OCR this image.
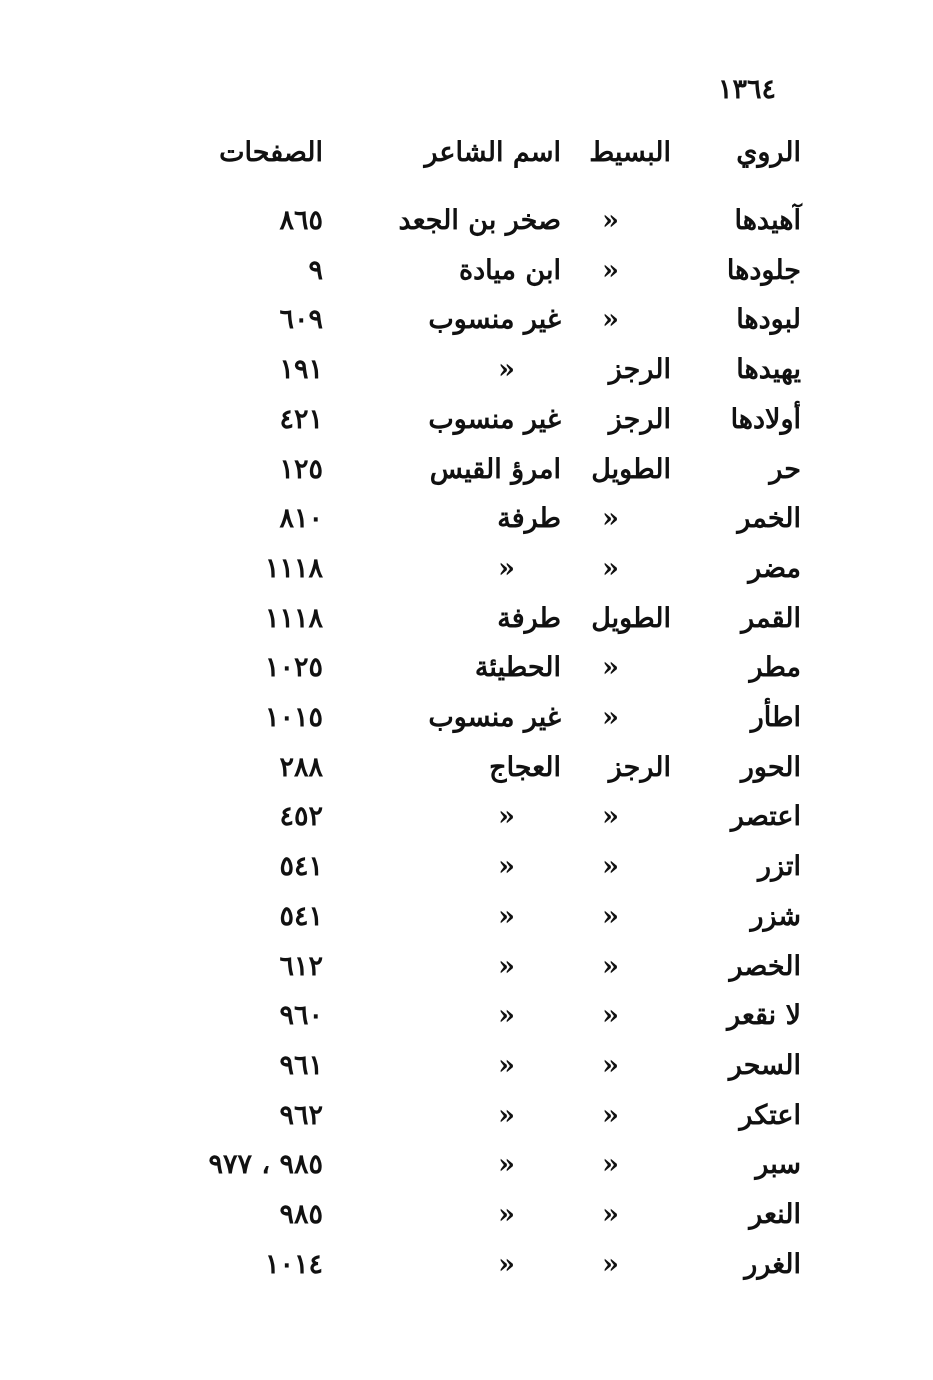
١٣٦٤
الروي
البسيط
اسم الشاعر
الصفحات
آهيدها
«
صخر بن الجعد
٨٦٥
جلودها
«
ابن ميادة
٩
لبودها
«
غير منسوب
٦٠٩
يهيدها
الرجز
«
١٩١
أولادها
الرجز
غير منسوب
٤٢١
حر
الطويل
امرؤ القيس
١٢٥
الخمر
«
طرفة
٨١٠
مضر
«
«
١١١٨
القمر
الطويل
طرفة
١١١٨
مطر
«
الحطيئة
١٠٢٥
اطأر
«
غير منسوب
١٠١٥
الحور
الرجز
العجاج
٢٨٨
اعتصر
«
«
٤٥٢
اتزر
«
«
٥٤١
شزر
«
«
٥٤١
الخصر
«
«
٦١٢
لا نقعر
«
«
٩٦٠
السحر
«
«
٩٦١
اعتكر
«
«
٩٦٢
سبر
«
«
٩٨٥ ، ٩٧٧
النعر
«
«
٩٨٥
الغرر
«
«
١٠١٤
